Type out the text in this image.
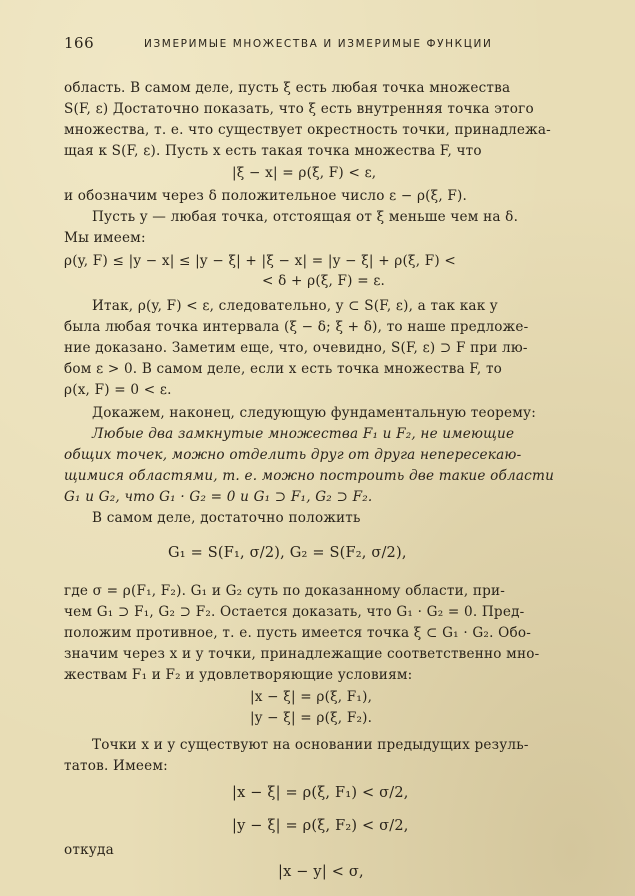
166	ИЗМЕРИМЫЕ МНОЖЕСТВА И ИЗМЕРИМЫЕ ФУНКЦИИ
область. В самом деле, пусть ξ есть любая точка множества
S(F, ε) Достаточно показать, что ξ есть внутренняя точка этого
множества, т. е. что существует окрестность точки, принадлежа-
щая к S(F, ε). Пусть x есть такая точка множества F, что
|ξ − x| = ρ(ξ, F) < ε,
и обозначим через δ положительное число ε − ρ(ξ, F).
Пусть y — любая точка, отстоящая от ξ меньше чем на δ.
Мы имеем:
ρ(y, F) ≤ |y − x| ≤ |y − ξ| + |ξ − x| = |y − ξ| + ρ(ξ, F) <
< δ + ρ(ξ, F) = ε.
Итак, ρ(y, F) < ε, следовательно, y ⊂ S(F, ε), а так как y
была любая точка интервала (ξ − δ; ξ + δ), то наше предложе-
ние доказано. Заметим еще, что, очевидно, S(F, ε) ⊃ F при лю-
бом ε > 0. В самом деле, если x есть точка множества F, то
ρ(x, F) = 0 < ε.
Докажем, наконец, следующую фундаментальную теорему:
Любые два замкнутые множества F₁ и F₂, не имеющие
общих точек, можно отделить друг от друга непересекаю-
щимися областями, т. е. можно построить две такие области
G₁ и G₂, что G₁ · G₂ = 0 и G₁ ⊃ F₁, G₂ ⊃ F₂.
В самом деле, достаточно положить
G₁ = S(F₁, σ/2), G₂ = S(F₂, σ/2),
где σ = ρ(F₁, F₂). G₁ и G₂ суть по доказанному области, при-
чем G₁ ⊃ F₁, G₂ ⊃ F₂. Остается доказать, что G₁ · G₂ = 0. Пред-
положим противное, т. е. пусть имеется точка ξ ⊂ G₁ · G₂. Обо-
значим через x и y точки, принадлежащие соответственно мно-
жествам F₁ и F₂ и удовлетворяющие условиям:
|x − ξ| = ρ(ξ, F₁),
|y − ξ| = ρ(ξ, F₂).
Точки x и y существуют на основании предыдущих резуль-
татов. Имеем:
|x − ξ| = ρ(ξ, F₁) < σ/2,
|y − ξ| = ρ(ξ, F₂) < σ/2,
откуда
|x − y| < σ,
